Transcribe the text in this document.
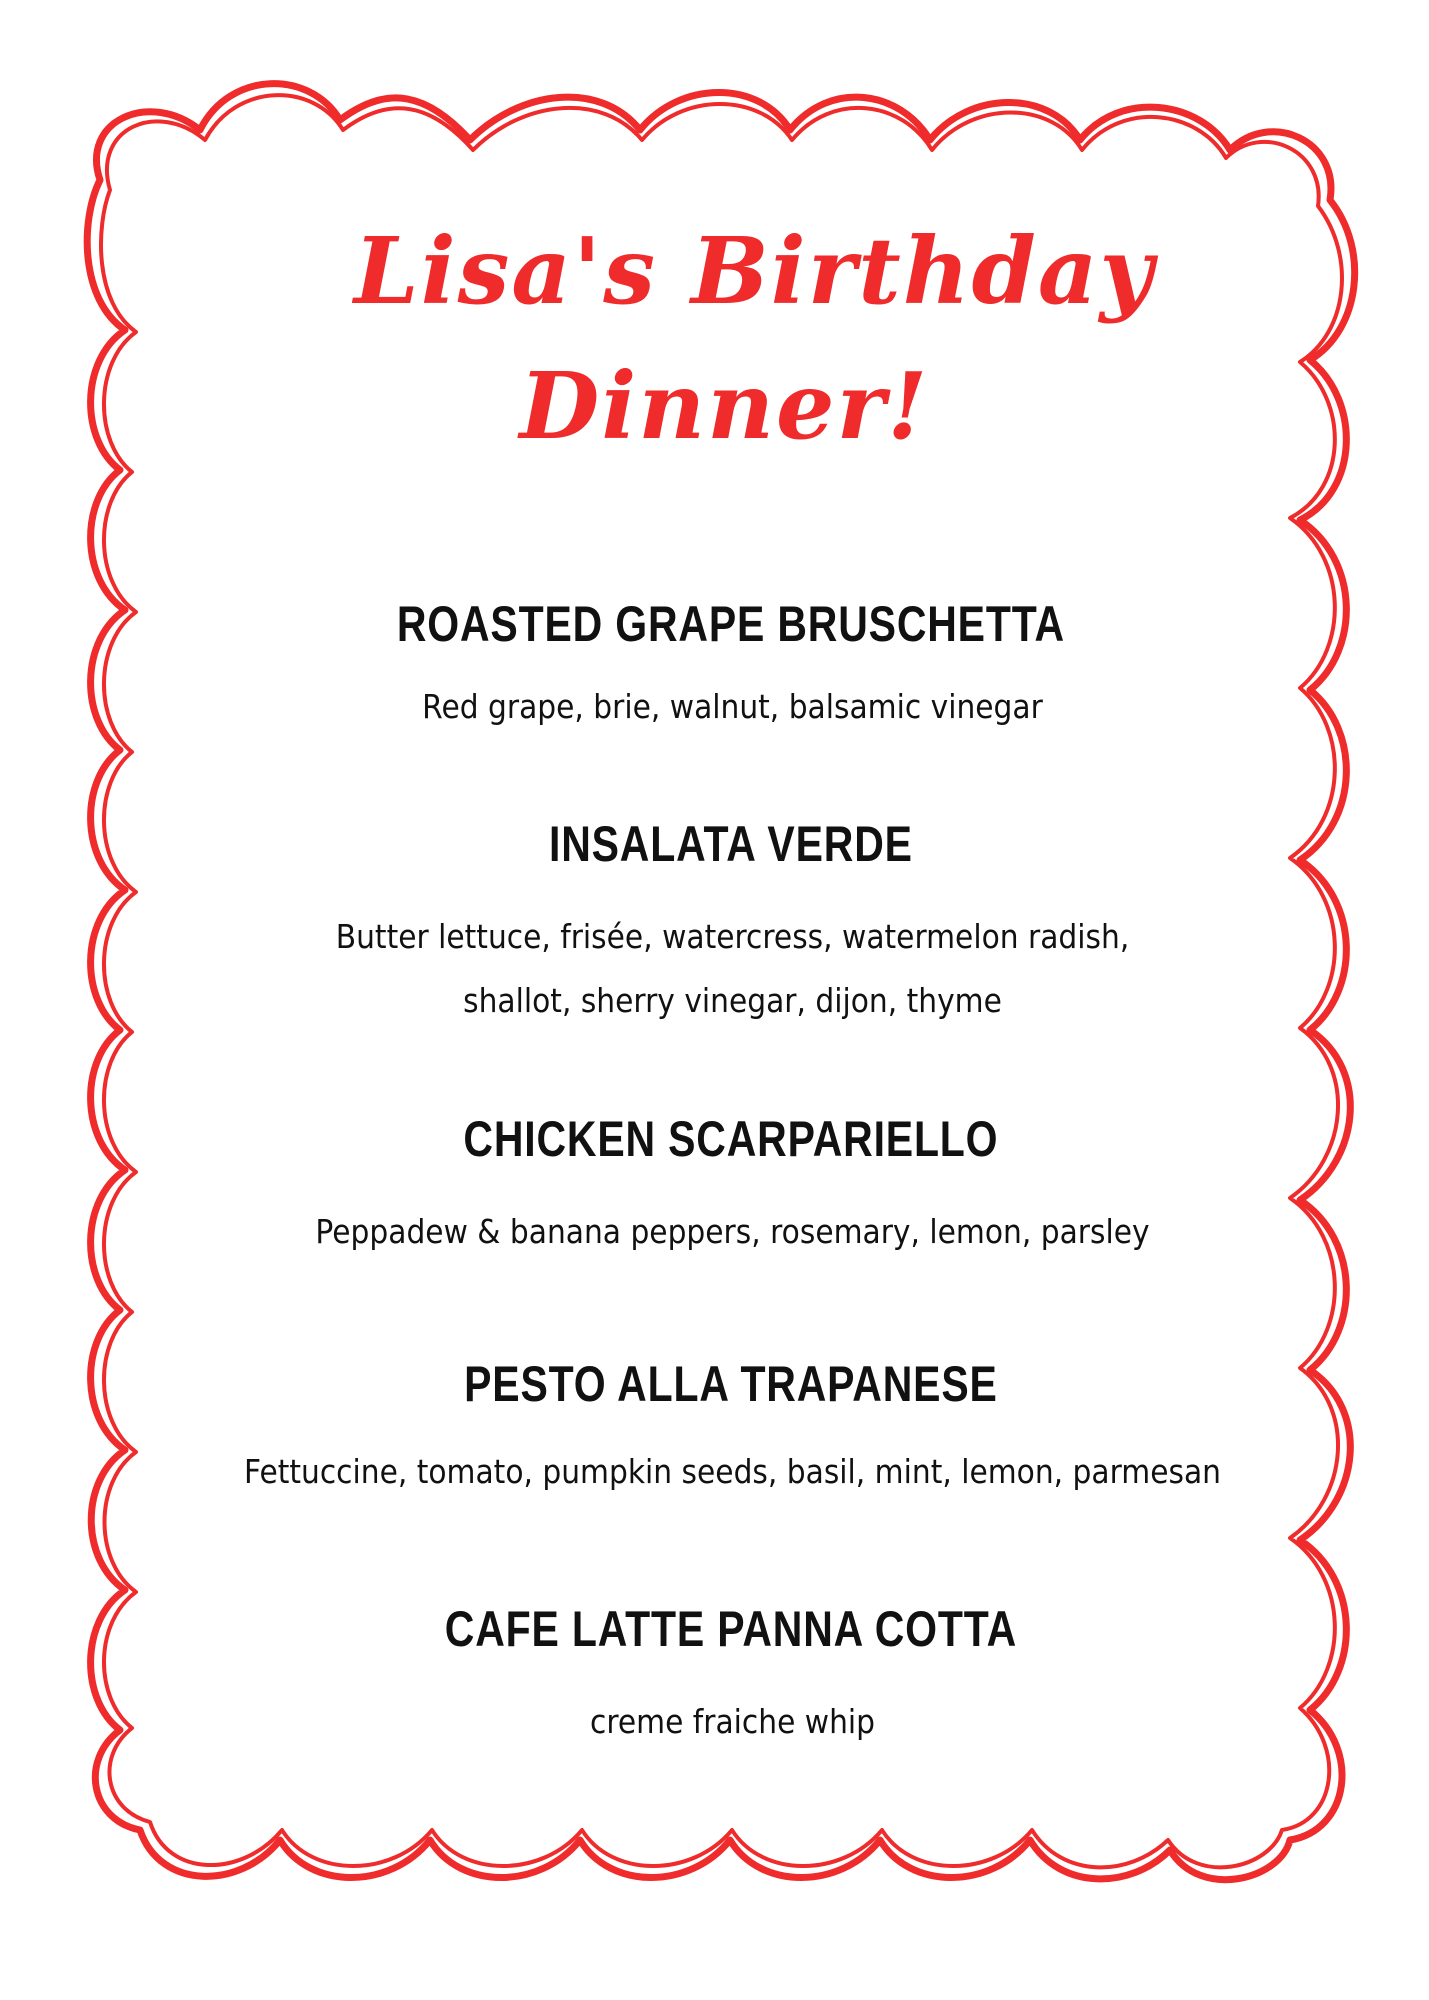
Lisa's Birthday
Dinner!
ROASTED GRAPE BRUSCHETTA
Red grape, brie, walnut, balsamic vinegar
INSALATA VERDE
Butter lettuce, frisée, watercress, watermelon radish,
shallot, sherry vinegar, dijon, thyme
CHICKEN SCARPARIELLO
Peppadew & banana peppers, rosemary, lemon, parsley
PESTO ALLA TRAPANESE
Fettuccine, tomato, pumpkin seeds, basil, mint, lemon, parmesan
CAFE LATTE PANNA COTTA
creme fraiche whip
